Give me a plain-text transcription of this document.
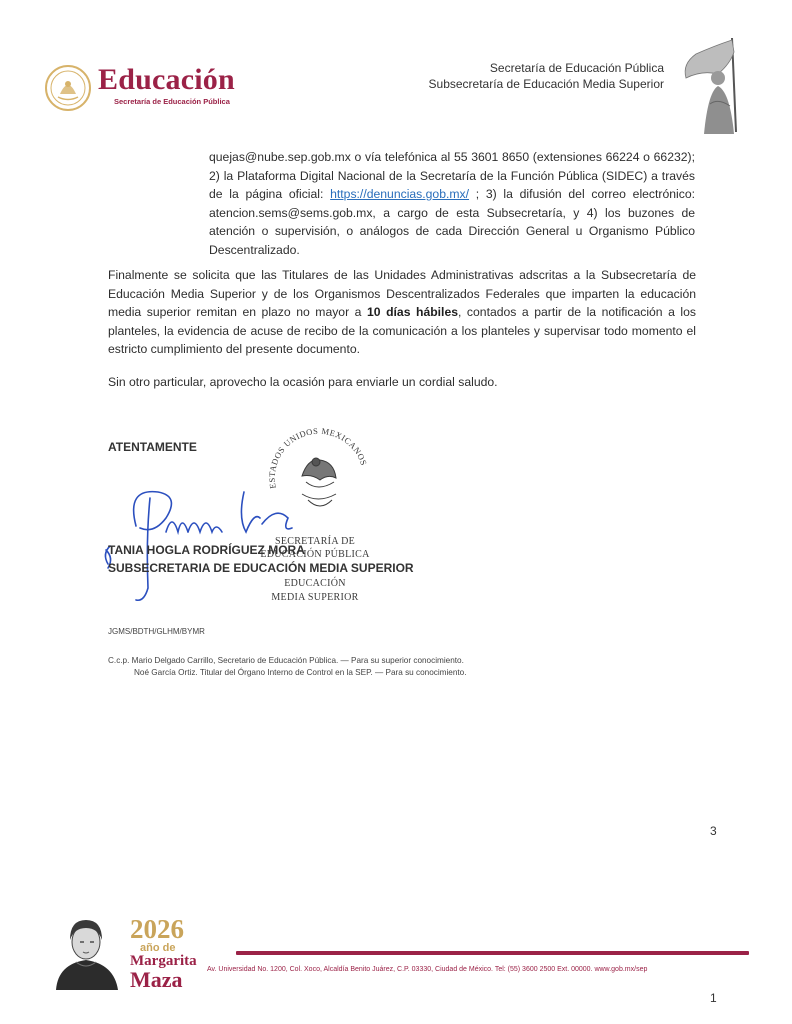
Educación
Secretaría de Educación Pública
Secretaría de Educación Pública
Subsecretaría de Educación Media Superior
quejas@nube.sep.gob.mx o vía telefónica al 55 3601 8650 (extensiones 66224 o 66232); 2) la Plataforma Digital Nacional de la Secretaría de la Función Pública (SIDEC) a través de la página oficial: https://denuncias.gob.mx/ ; 3) la difusión del correo electrónico: atencion.sems@sems.gob.mx, a cargo de esta Subsecretaría, y 4) los buzones de atención o supervisión, o análogos de cada Dirección General u Organismo Público Descentralizado.
Finalmente se solicita que las Titulares de las Unidades Administrativas adscritas a la Subsecretaría de Educación Media Superior y de los Organismos Descentralizados Federales que imparten la educación media superior remitan en plazo no mayor a 10 días hábiles, contados a partir de la notificación a los planteles, la evidencia de acuse de recibo de la comunicación a los planteles y supervisar todo momento el estricto cumplimiento del presente documento.
Sin otro particular, aprovecho la ocasión para enviarle un cordial saludo.
ATENTAMENTE
ESTADOS UNIDOS MEXICANOS
SECRETARÍA DE
EDUCACIÓN PÚBLICA
EDUCACIÓN
MEDIA SUPERIOR
TANIA HOGLA RODRÍGUEZ MORA
SUBSECRETARIA DE EDUCACIÓN MEDIA SUPERIOR
JGMS/BDTH/GLHM/BYMR
C.c.p. Mario Delgado Carrillo, Secretario de Educación Pública. — Para su superior conocimiento.
Noé García Ortiz. Titular del Órgano Interno de Control en la SEP. — Para su conocimiento.
3
2026
año de
Margarita
Maza	Av. Universidad No. 1200, Col. Xoco, Alcaldía Benito Juárez, C.P. 03330, Ciudad de México. Tel: (55) 3600 2500 Ext. 00000. www.gob.mx/sep
1
